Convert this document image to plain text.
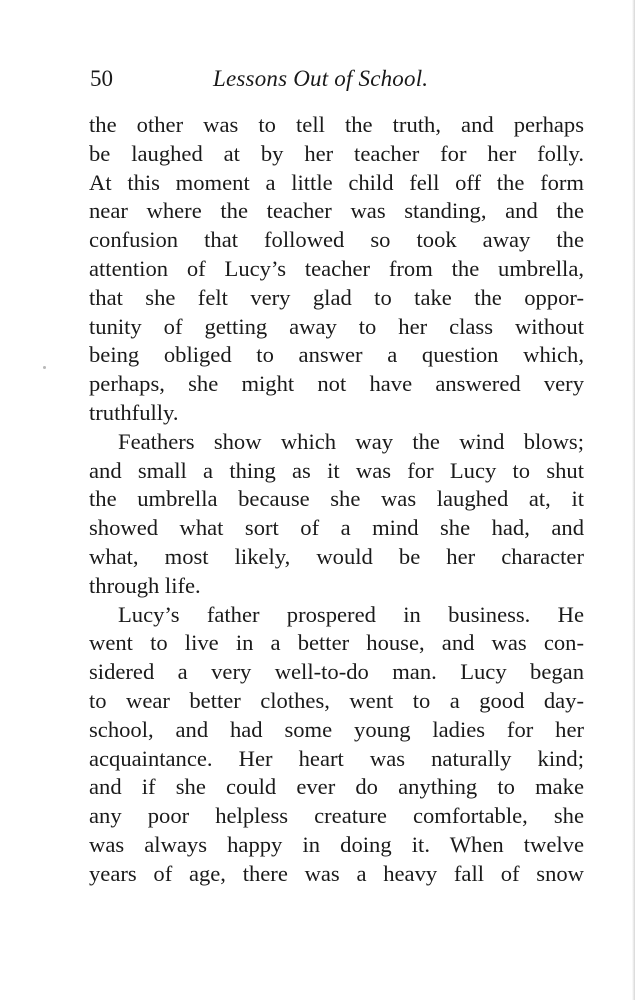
50	Lessons Out of School.
the other was to tell the truth, and perhaps
be laughed at by her teacher for her folly.
At this moment a little child fell off the form
near where the teacher was standing, and the
confusion that followed so took away the
attention of Lucy’s teacher from the umbrella,
that she felt very glad to take the oppor-
tunity of getting away to her class without
being obliged to answer a question which,
perhaps, she might not have answered very
truthfully.
Feathers show which way the wind blows;
and small a thing as it was for Lucy to shut
the umbrella because she was laughed at, it
showed what sort of a mind she had, and
what, most likely, would be her character
through life.
Lucy’s father prospered in business. He
went to live in a better house, and was con-
sidered a very well-to-do man. Lucy began
to wear better clothes, went to a good day-
school, and had some young ladies for her
acquaintance. Her heart was naturally kind;
and if she could ever do anything to make
any poor helpless creature comfortable, she
was always happy in doing it. When twelve
years of age, there was a heavy fall of snow
